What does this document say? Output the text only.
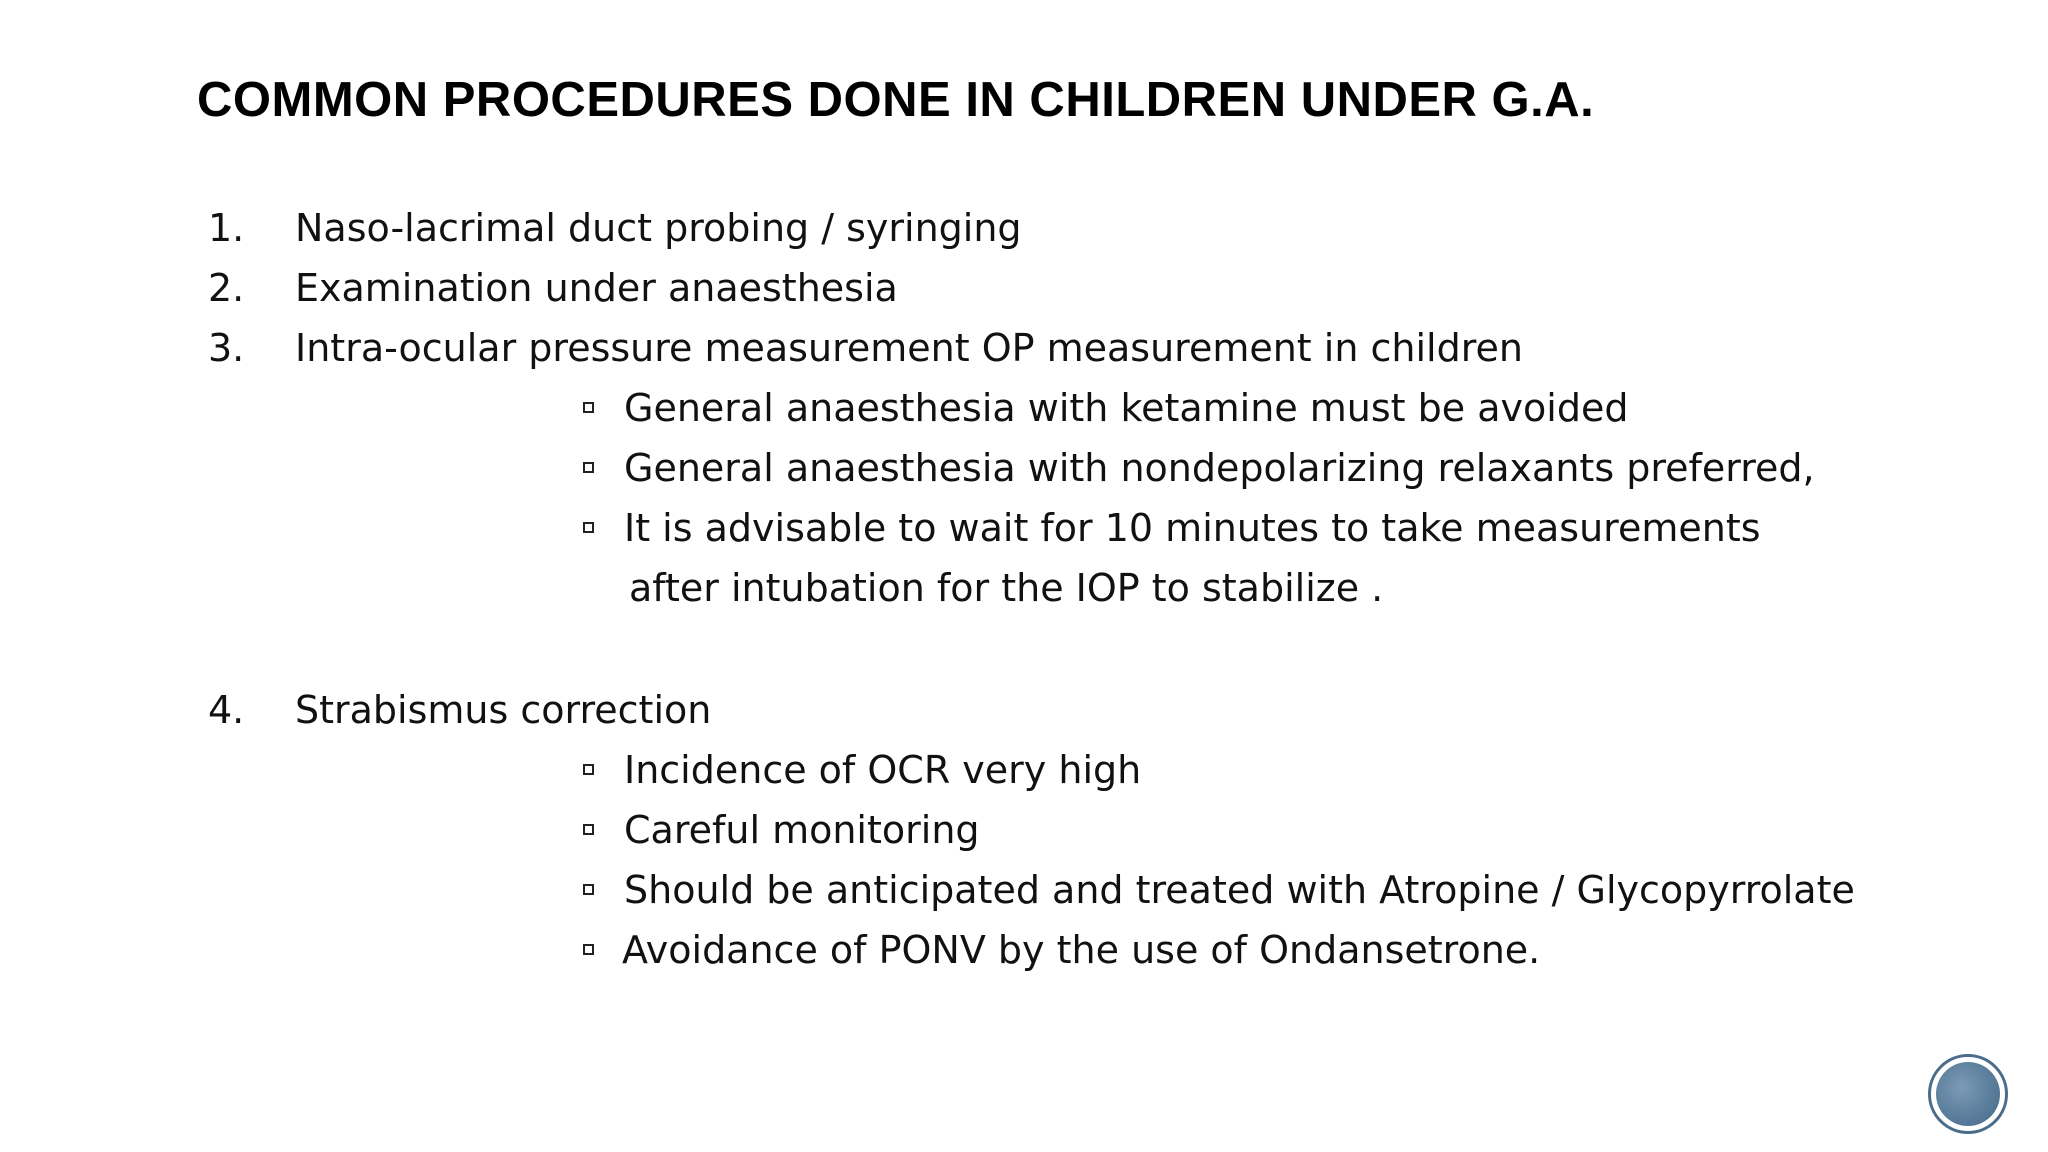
COMMON PROCEDURES DONE IN CHILDREN UNDER G.A.
1. Naso-lacrimal duct probing / syringing
2. Examination under anaesthesia
3. Intra-ocular pressure measurement OP measurement in children
General anaesthesia with ketamine must be avoided
General anaesthesia with nondepolarizing relaxants preferred,
It is advisable to wait for 10 minutes to take measurements
after intubation for the IOP to stabilize .
4. Strabismus correction
Incidence of OCR very high
Careful monitoring
Should be anticipated and treated with Atropine / Glycopyrrolate
Avoidance of PONV by the use of Ondansetrone.
